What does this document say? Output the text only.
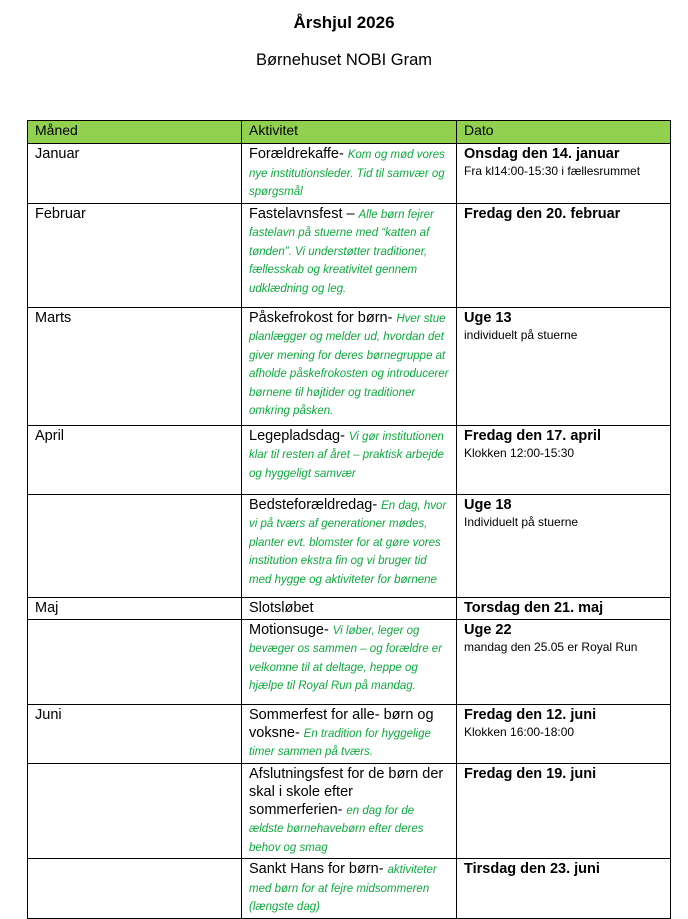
Årshjul 2026
Børnehuset NOBI Gram
Måned	Aktivitet	Dato
Januar	Forældrekaffe- Kom og mød vores nye institutionsleder. Tid til samvær og spørgsmål	Onsdag den 14. januar
Fra kl14:00-15:30 i fællesrummet

Februar	Fastelavnsfest – Alle børn fejrer fastelavn på stuerne med “katten af tønden”. Vi understøtter traditioner, fællesskab og kreativitet gennem udklædning og leg.	Fredag den 20. februar

Marts	Påskefrokost for børn- Hver stue planlægger og melder ud, hvordan det giver mening for deres børnegruppe at afholde påskefrokosten og introducerer børnene til højtider og traditioner omkring påsken.	Uge 13
individuelt på stuerne

April	Legepladsdag- Vi gør institutionen klar til resten af året – praktisk arbejde og hyggeligt samvær	Fredag den 17. april
Klokken 12:00-15:30

	Bedsteforældredag- En dag, hvor vi på tværs af generationer mødes, planter evt. blomster for at gøre vores institution ekstra fin og vi bruger tid med hygge og aktiviteter for børnene	Uge 18
Individuelt på stuerne

Maj	Slotsløbet	Torsdag den 21. maj

	Motionsuge- Vi løber, leger og bevæger os sammen – og forældre er velkomne til at deltage, heppe og hjælpe til Royal Run på mandag.	Uge 22
mandag den 25.05 er Royal Run

Juni	Sommerfest for alle- børn og voksne- En tradition for hyggelige timer sammen på tværs.	Fredag den 12. juni
Klokken 16:00-18:00

	Afslutningsfest for de børn der skal i skole efter sommerferien- en dag for de ældste børnehavebørn efter deres behov og smag	Fredag den 19. juni

	Sankt Hans for børn- aktiviteter med børn for at fejre midsommeren (længste dag)	Tirsdag den 23. juni
